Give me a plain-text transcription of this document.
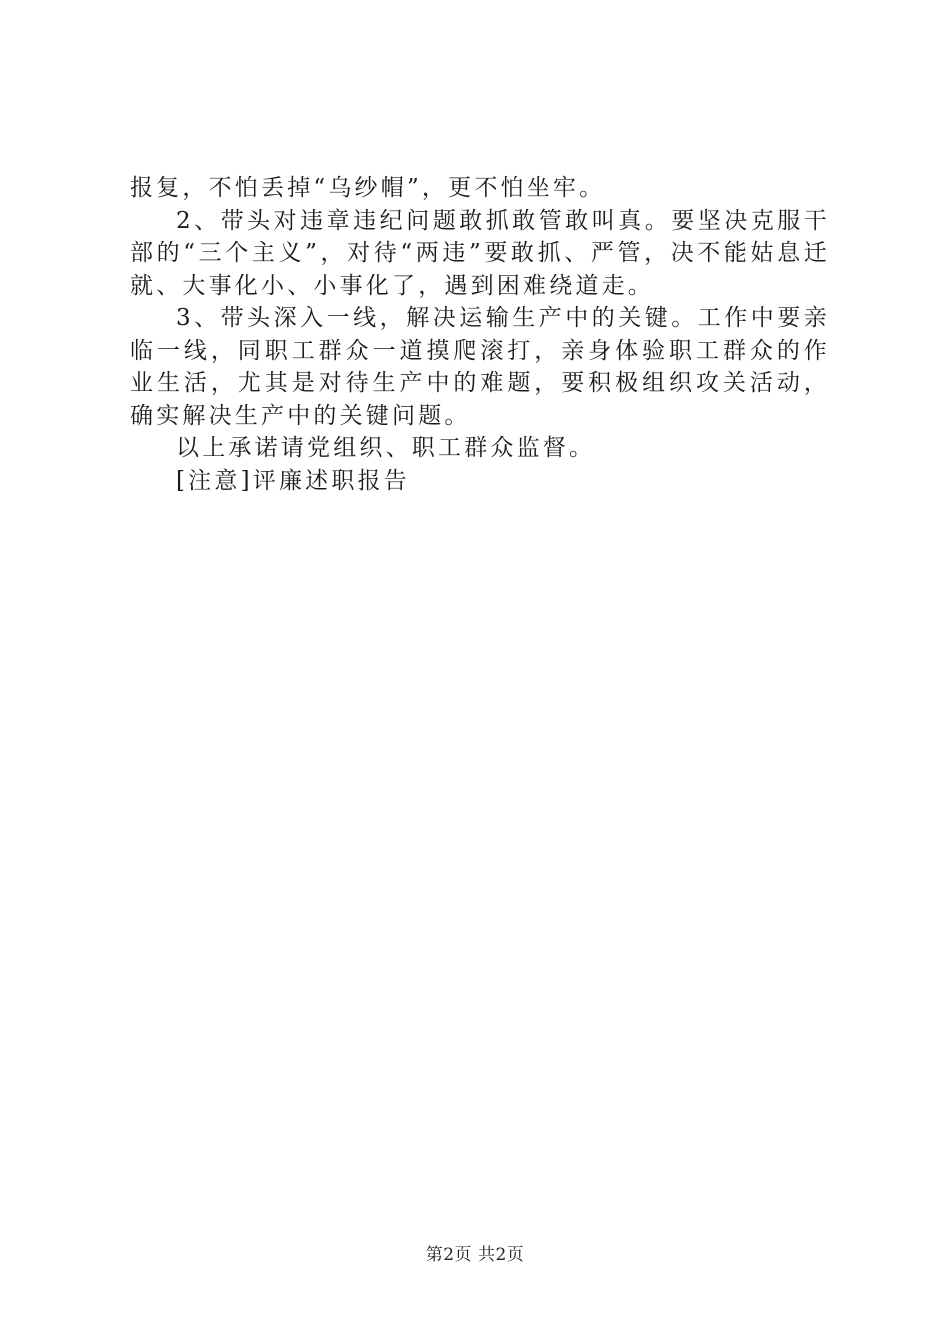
报复，不怕丢掉“乌纱帽”，更不怕坐牢。

2、带头对违章违纪问题敢抓敢管敢叫真。要坚决克服干部的“三个主义”，对待“两违”要敢抓、严管，决不能姑息迁就、大事化小、小事化了，遇到困难绕道走。

3、带头深入一线，解决运输生产中的关键。工作中要亲临一线，同职工群众一道摸爬滚打，亲身体验职工群众的作业生活，尤其是对待生产中的难题，要积极组织攻关活动，确实解决生产中的关键问题。

以上承诺请党组织、职工群众监督。

[注意]评廉述职报告

第2页 共2页
